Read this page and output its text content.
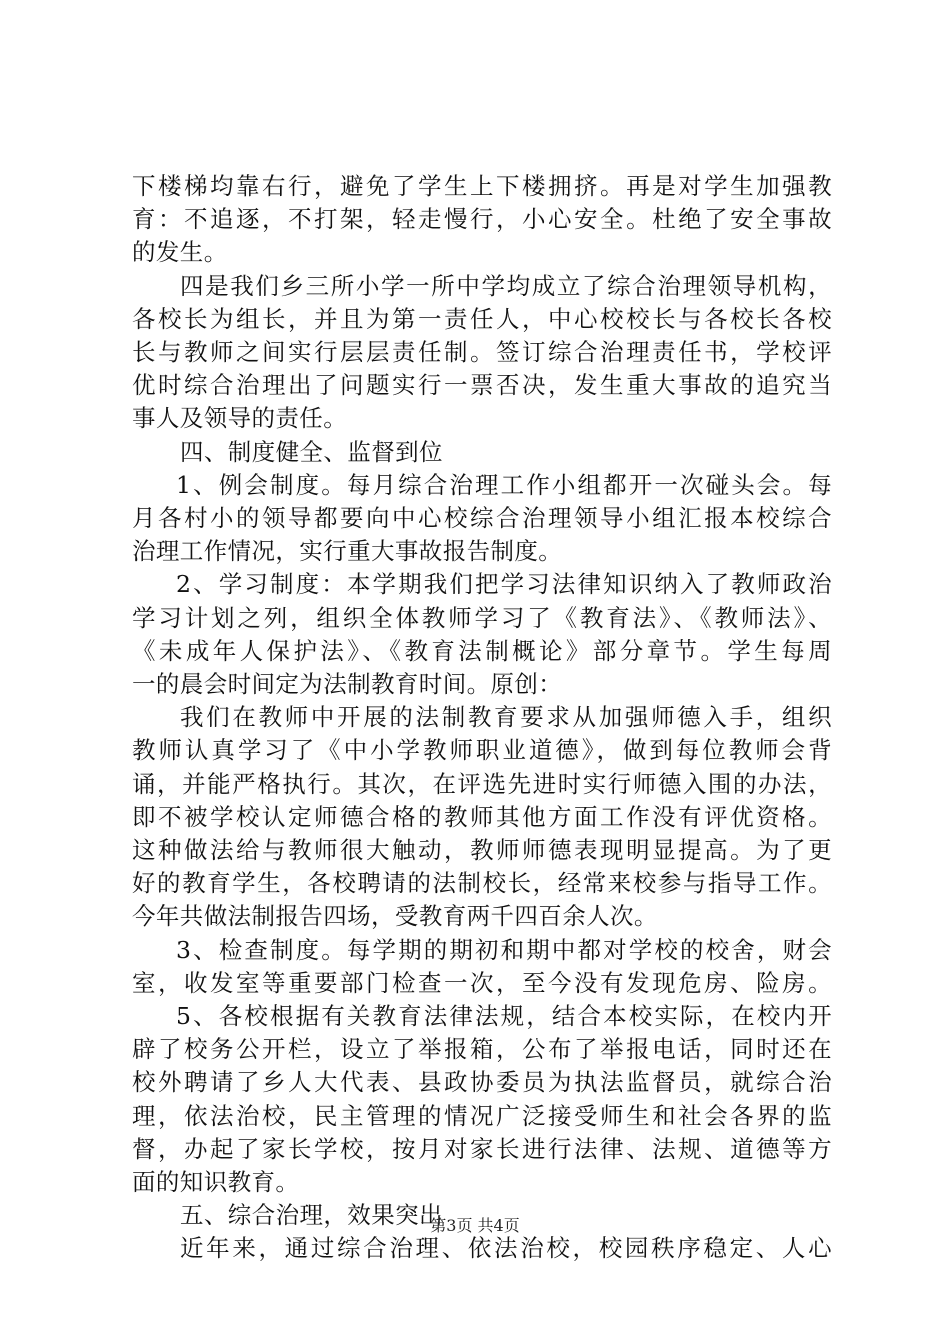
下楼梯均靠右行，避免了学生上下楼拥挤。再是对学生加强教
育：不追逐，不打架，轻走慢行，小心安全。杜绝了安全事故
的发生。
四是我们乡三所小学一所中学均成立了综合治理领导机构，
各校长为组长，并且为第一责任人，中心校校长与各校长各校
长与教师之间实行层层责任制。签订综合治理责任书，学校评
优时综合治理出了问题实行一票否决，发生重大事故的追究当
事人及领导的责任。
四、制度健全、监督到位
1、例会制度。每月综合治理工作小组都开一次碰头会。每
月各村小的领导都要向中心校综合治理领导小组汇报本校综合
治理工作情况，实行重大事故报告制度。
2、学习制度：本学期我们把学习法律知识纳入了教师政治
学习计划之列，组织全体教师学习了《教育法》、《教师法》、
《未成年人保护法》、《教育法制概论》部分章节。学生每周
一的晨会时间定为法制教育时间。原创：
我们在教师中开展的法制教育要求从加强师德入手，组织
教师认真学习了《中小学教师职业道德》，做到每位教师会背
诵，并能严格执行。其次，在评选先进时实行师德入围的办法，
即不被学校认定师德合格的教师其他方面工作没有评优资格。
这种做法给与教师很大触动，教师师德表现明显提高。为了更
好的教育学生，各校聘请的法制校长，经常来校参与指导工作。
今年共做法制报告四场，受教育两千四百余人次。
3、检查制度。每学期的期初和期中都对学校的校舍，财会
室，收发室等重要部门检查一次，至今没有发现危房、险房。
5、各校根据有关教育法律法规，结合本校实际，在校内开
辟了校务公开栏，设立了举报箱，公布了举报电话，同时还在
校外聘请了乡人大代表、县政协委员为执法监督员，就综合治
理，依法治校，民主管理的情况广泛接受师生和社会各界的监
督，办起了家长学校，按月对家长进行法律、法规、道德等方
面的知识教育。
五、综合治理，效果突出
近年来，通过综合治理、依法治校，校园秩序稳定、人心
第3页 共4页
